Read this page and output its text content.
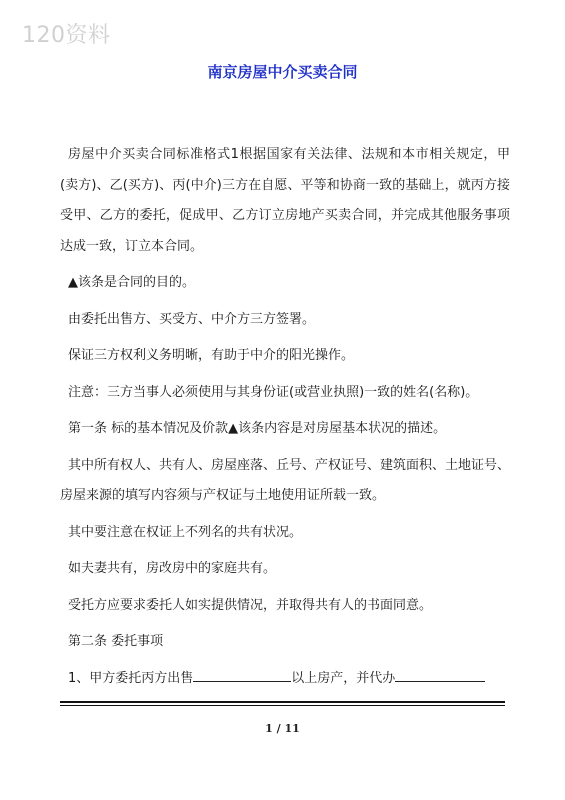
120资料
南京房屋中介买卖合同

房屋中介买卖合同标准格式1根据国家有关法律、法规和本市相关规定，甲(卖方)、乙(买方)、丙(中介)三方在自愿、平等和协商一致的基础上，就丙方接受甲、乙方的委托，促成甲、乙方订立房地产买卖合同，并完成其他服务事项达成一致，订立本合同。

▲该条是合同的目的。

由委托出售方、买受方、中介方三方签署。

保证三方权利义务明晰，有助于中介的阳光操作。

注意：三方当事人必须使用与其身份证(或营业执照)一致的姓名(名称)。

第一条 标的基本情况及价款▲该条内容是对房屋基本状况的描述。

其中所有权人、共有人、房屋座落、丘号、产权证号、建筑面积、土地证号、房屋来源的填写内容须与产权证与土地使用证所载一致。

其中要注意在权证上不列名的共有状况。

如夫妻共有，房改房中的家庭共有。

受托方应要求委托人如实提供情况，并取得共有人的书面同意。

第二条 委托事项

1、甲方委托丙方出售	以上房产，并代办

1 / 11
